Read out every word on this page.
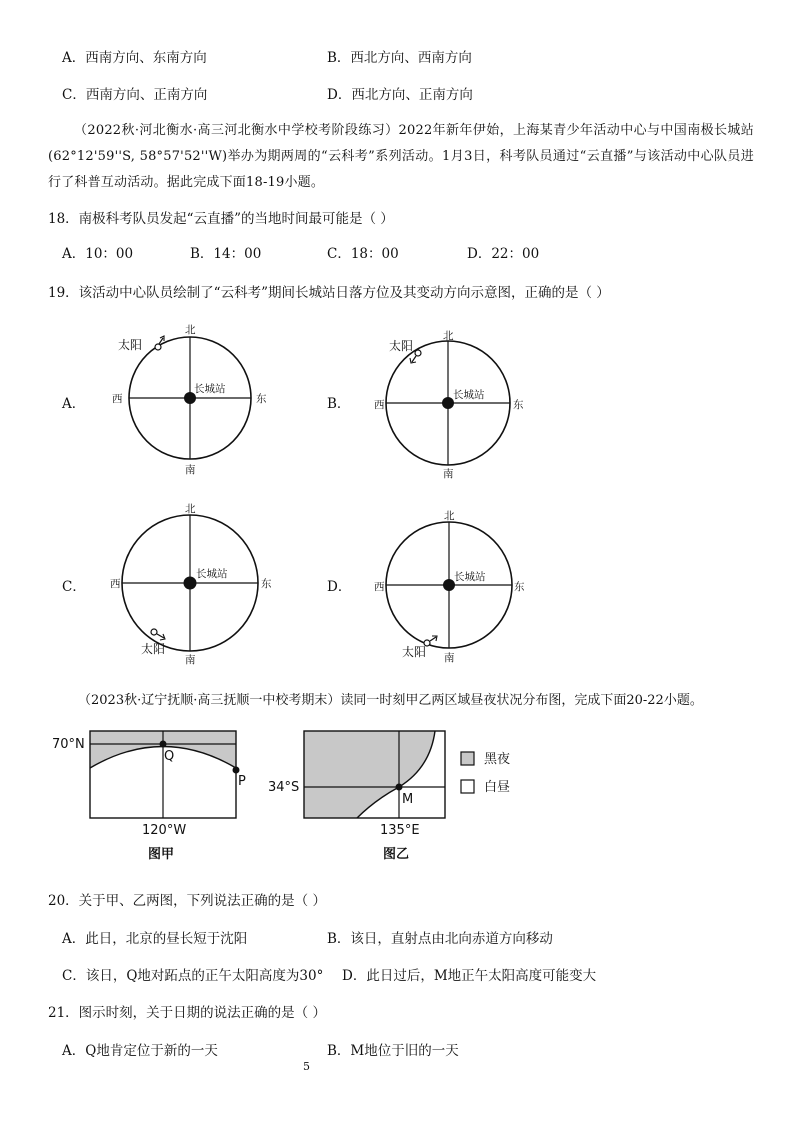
A．西南方向、东南方向	B．西北方向、西南方向
C．西南方向、正南方向	D．西北方向、正南方向
（2022秋·河北衡水·高三河北衡水中学校考阶段练习）2022年新年伊始，上海某青少年活动中心与中国南极长城站(62°12'59''S, 58°57'52''W)举办为期两周的“云科考”系列活动。1月3日，科考队员通过“云直播”与该活动中心队员进行了科普互动活动。据此完成下面18-19小题。
18．南极科考队员发起“云直播”的当地时间最可能是（ ）
A．10：00	B．14：00	C．18：00	D．22：00
19．该活动中心队员绘制了“云科考”期间长城站日落方位及其变动方向示意图，正确的是（ ）
A．	B．
C．	D．
北
南
西	东
长城站
太阳
北
南
西	东
长城站
太阳
北
南
西	东
长城站
太阳
北
南
西	东
长城站
太阳
70°N
Q
P
120°W
图甲
34°S
M
135°E
图乙
黑夜
白昼
（2023秋·辽宁抚顺·高三抚顺一中校考期末）读同一时刻甲乙两区域昼夜状况分布图，完成下面20-22小题。
20．关于甲、乙两图，下列说法正确的是（ ）
A．此日，北京的昼长短于沈阳	B．该日，直射点由北向赤道方向移动
C．该日，Q地对跖点的正午太阳高度为30° D．此日过后，M地正午太阳高度可能变大
21．图示时刻，关于日期的说法正确的是（ ）
A．Q地肯定位于新的一天	B．M地位于旧的一天
5
